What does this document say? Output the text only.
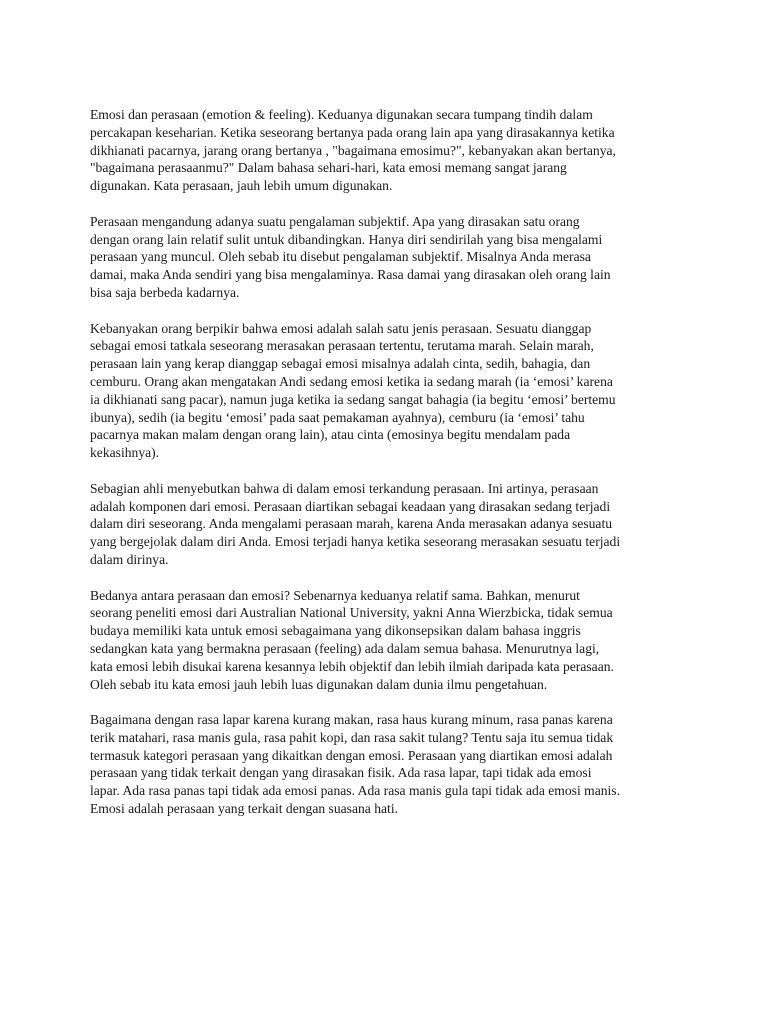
Emosi dan perasaan (emotion & feeling). Keduanya digunakan secara tumpang tindih dalam
percakapan keseharian. Ketika seseorang bertanya pada orang lain apa yang dirasakannya ketika
dikhianati pacarnya, jarang orang bertanya , "bagaimana emosimu?", kebanyakan akan bertanya,
"bagaimana perasaanmu?" Dalam bahasa sehari-hari, kata emosi memang sangat jarang
digunakan. Kata perasaan, jauh lebih umum digunakan.

Perasaan mengandung adanya suatu pengalaman subjektif. Apa yang dirasakan satu orang
dengan orang lain relatif sulit untuk dibandingkan. Hanya diri sendirilah yang bisa mengalami
perasaan yang muncul. Oleh sebab itu disebut pengalaman subjektif. Misalnya Anda merasa
damai, maka Anda sendiri yang bisa mengalaminya. Rasa damai yang dirasakan oleh orang lain
bisa saja berbeda kadarnya.

Kebanyakan orang berpikir bahwa emosi adalah salah satu jenis perasaan. Sesuatu dianggap
sebagai emosi tatkala seseorang merasakan perasaan tertentu, terutama marah. Selain marah,
perasaan lain yang kerap dianggap sebagai emosi misalnya adalah cinta, sedih, bahagia, dan
cemburu. Orang akan mengatakan Andi sedang emosi ketika ia sedang marah (ia ‘emosi’ karena
ia dikhianati sang pacar), namun juga ketika ia sedang sangat bahagia (ia begitu ‘emosi’ bertemu
ibunya), sedih (ia begitu ‘emosi’ pada saat pemakaman ayahnya), cemburu (ia ‘emosi’ tahu
pacarnya makan malam dengan orang lain), atau cinta (emosinya begitu mendalam pada
kekasihnya).

Sebagian ahli menyebutkan bahwa di dalam emosi terkandung perasaan. Ini artinya, perasaan
adalah komponen dari emosi. Perasaan diartikan sebagai keadaan yang dirasakan sedang terjadi
dalam diri seseorang. Anda mengalami perasaan marah, karena Anda merasakan adanya sesuatu
yang bergejolak dalam diri Anda. Emosi terjadi hanya ketika seseorang merasakan sesuatu terjadi
dalam dirinya.

Bedanya antara perasaan dan emosi? Sebenarnya keduanya relatif sama. Bahkan, menurut
seorang peneliti emosi dari Australian National University, yakni Anna Wierzbicka, tidak semua
budaya memiliki kata untuk emosi sebagaimana yang dikonsepsikan dalam bahasa inggris
sedangkan kata yang bermakna perasaan (feeling) ada dalam semua bahasa. Menurutnya lagi,
kata emosi lebih disukai karena kesannya lebih objektif dan lebih ilmiah daripada kata perasaan.
Oleh sebab itu kata emosi jauh lebih luas digunakan dalam dunia ilmu pengetahuan.

Bagaimana dengan rasa lapar karena kurang makan, rasa haus kurang minum, rasa panas karena
terik matahari, rasa manis gula, rasa pahit kopi, dan rasa sakit tulang? Tentu saja itu semua tidak
termasuk kategori perasaan yang dikaitkan dengan emosi. Perasaan yang diartikan emosi adalah
perasaan yang tidak terkait dengan yang dirasakan fisik. Ada rasa lapar, tapi tidak ada emosi
lapar. Ada rasa panas tapi tidak ada emosi panas. Ada rasa manis gula tapi tidak ada emosi manis.
Emosi adalah perasaan yang terkait dengan suasana hati.
